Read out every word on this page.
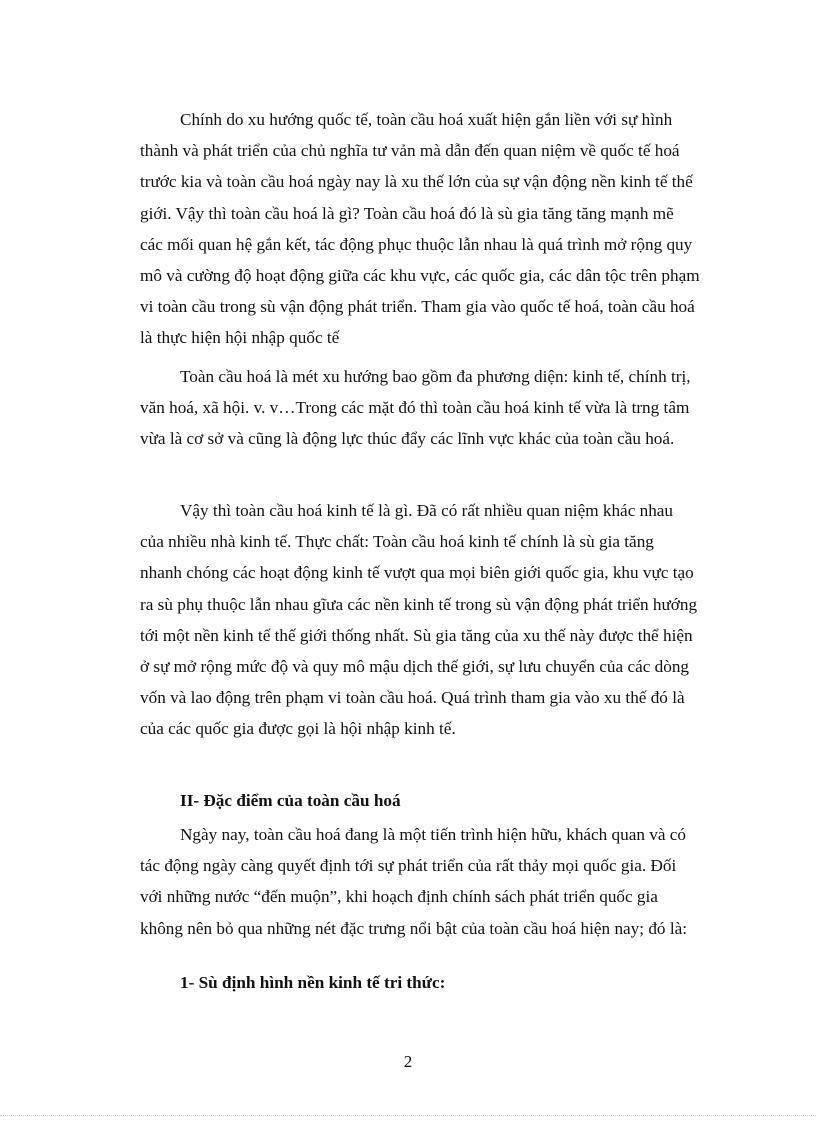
Chính do xu hướng quốc tế, toàn cầu hoá xuất hiện gắn liền với sự hình
thành và phát triển của chủ nghĩa tư vản mà dẫn đến quan niệm về quốc tế hoá
trước kia và toàn cầu hoá ngày nay là xu thế lớn của sự vận động nền kinh tế thế
giới. Vậy thì toàn cầu hoá là gì? Toàn cầu hoá đó là sù gia tăng tăng mạnh mẽ
các mối quan hệ gắn kết, tác động phục thuộc lẫn nhau là quá trình mở rộng quy
mô và cường độ hoạt động giữa các khu vực, các quốc gia, các dân tộc trên phạm
vi toàn cầu trong sù vận động phát triển. Tham gia vào quốc tế hoá, toàn cầu hoá
là thực hiện hội nhập quốc tế

Toàn cầu hoá là mét xu hướng bao gồm đa phương diện: kinh tế, chính trị,
văn hoá, xã hội. v. v…Trong các mặt đó thì toàn cầu hoá kinh tế vừa là trng tâm
vừa là cơ sở và cũng là động lực thúc đẩy các lĩnh vực khác của toàn cầu hoá.

Vậy thì toàn cầu hoá kinh tế là gì. Đã có rất nhiều quan niệm khác nhau
của nhiều nhà kinh tế. Thực chất: Toàn cầu hoá kinh tế chính là sù gia tăng
nhanh chóng các hoạt động kinh tế vượt qua mọi biên giới quốc gia, khu vực tạo
ra sù phụ thuộc lẫn nhau gĩưa các nền kinh tế trong sù vận động phát triển hướng
tới một nền kinh tế thế giới thống nhất. Sù gia tăng của xu thế này được thể hiện
ở sự mở rộng mức độ và quy mô mậu dịch thế giới, sự lưu chuyển của các dòng
vốn và lao động trên phạm vi toàn cầu hoá. Quá trình tham gia vào xu thế đó là
của các quốc gia được gọi là hội nhập kinh tế.

II- Đặc điểm của toàn cầu hoá

Ngày nay, toàn cầu hoá đang là một tiến trình hiện hữu, khách quan và có
tác động ngày càng quyết định tới sự phát triển của rất thảy mọi quốc gia. Đối
với những nước “đến muộn”, khi hoạch định chính sách phát triển quốc gia
không nên bỏ qua những nét đặc trưng nổi bật của toàn cầu hoá hiện nay; đó là:

1- Sù định hình nền kinh tế tri thức:

2
